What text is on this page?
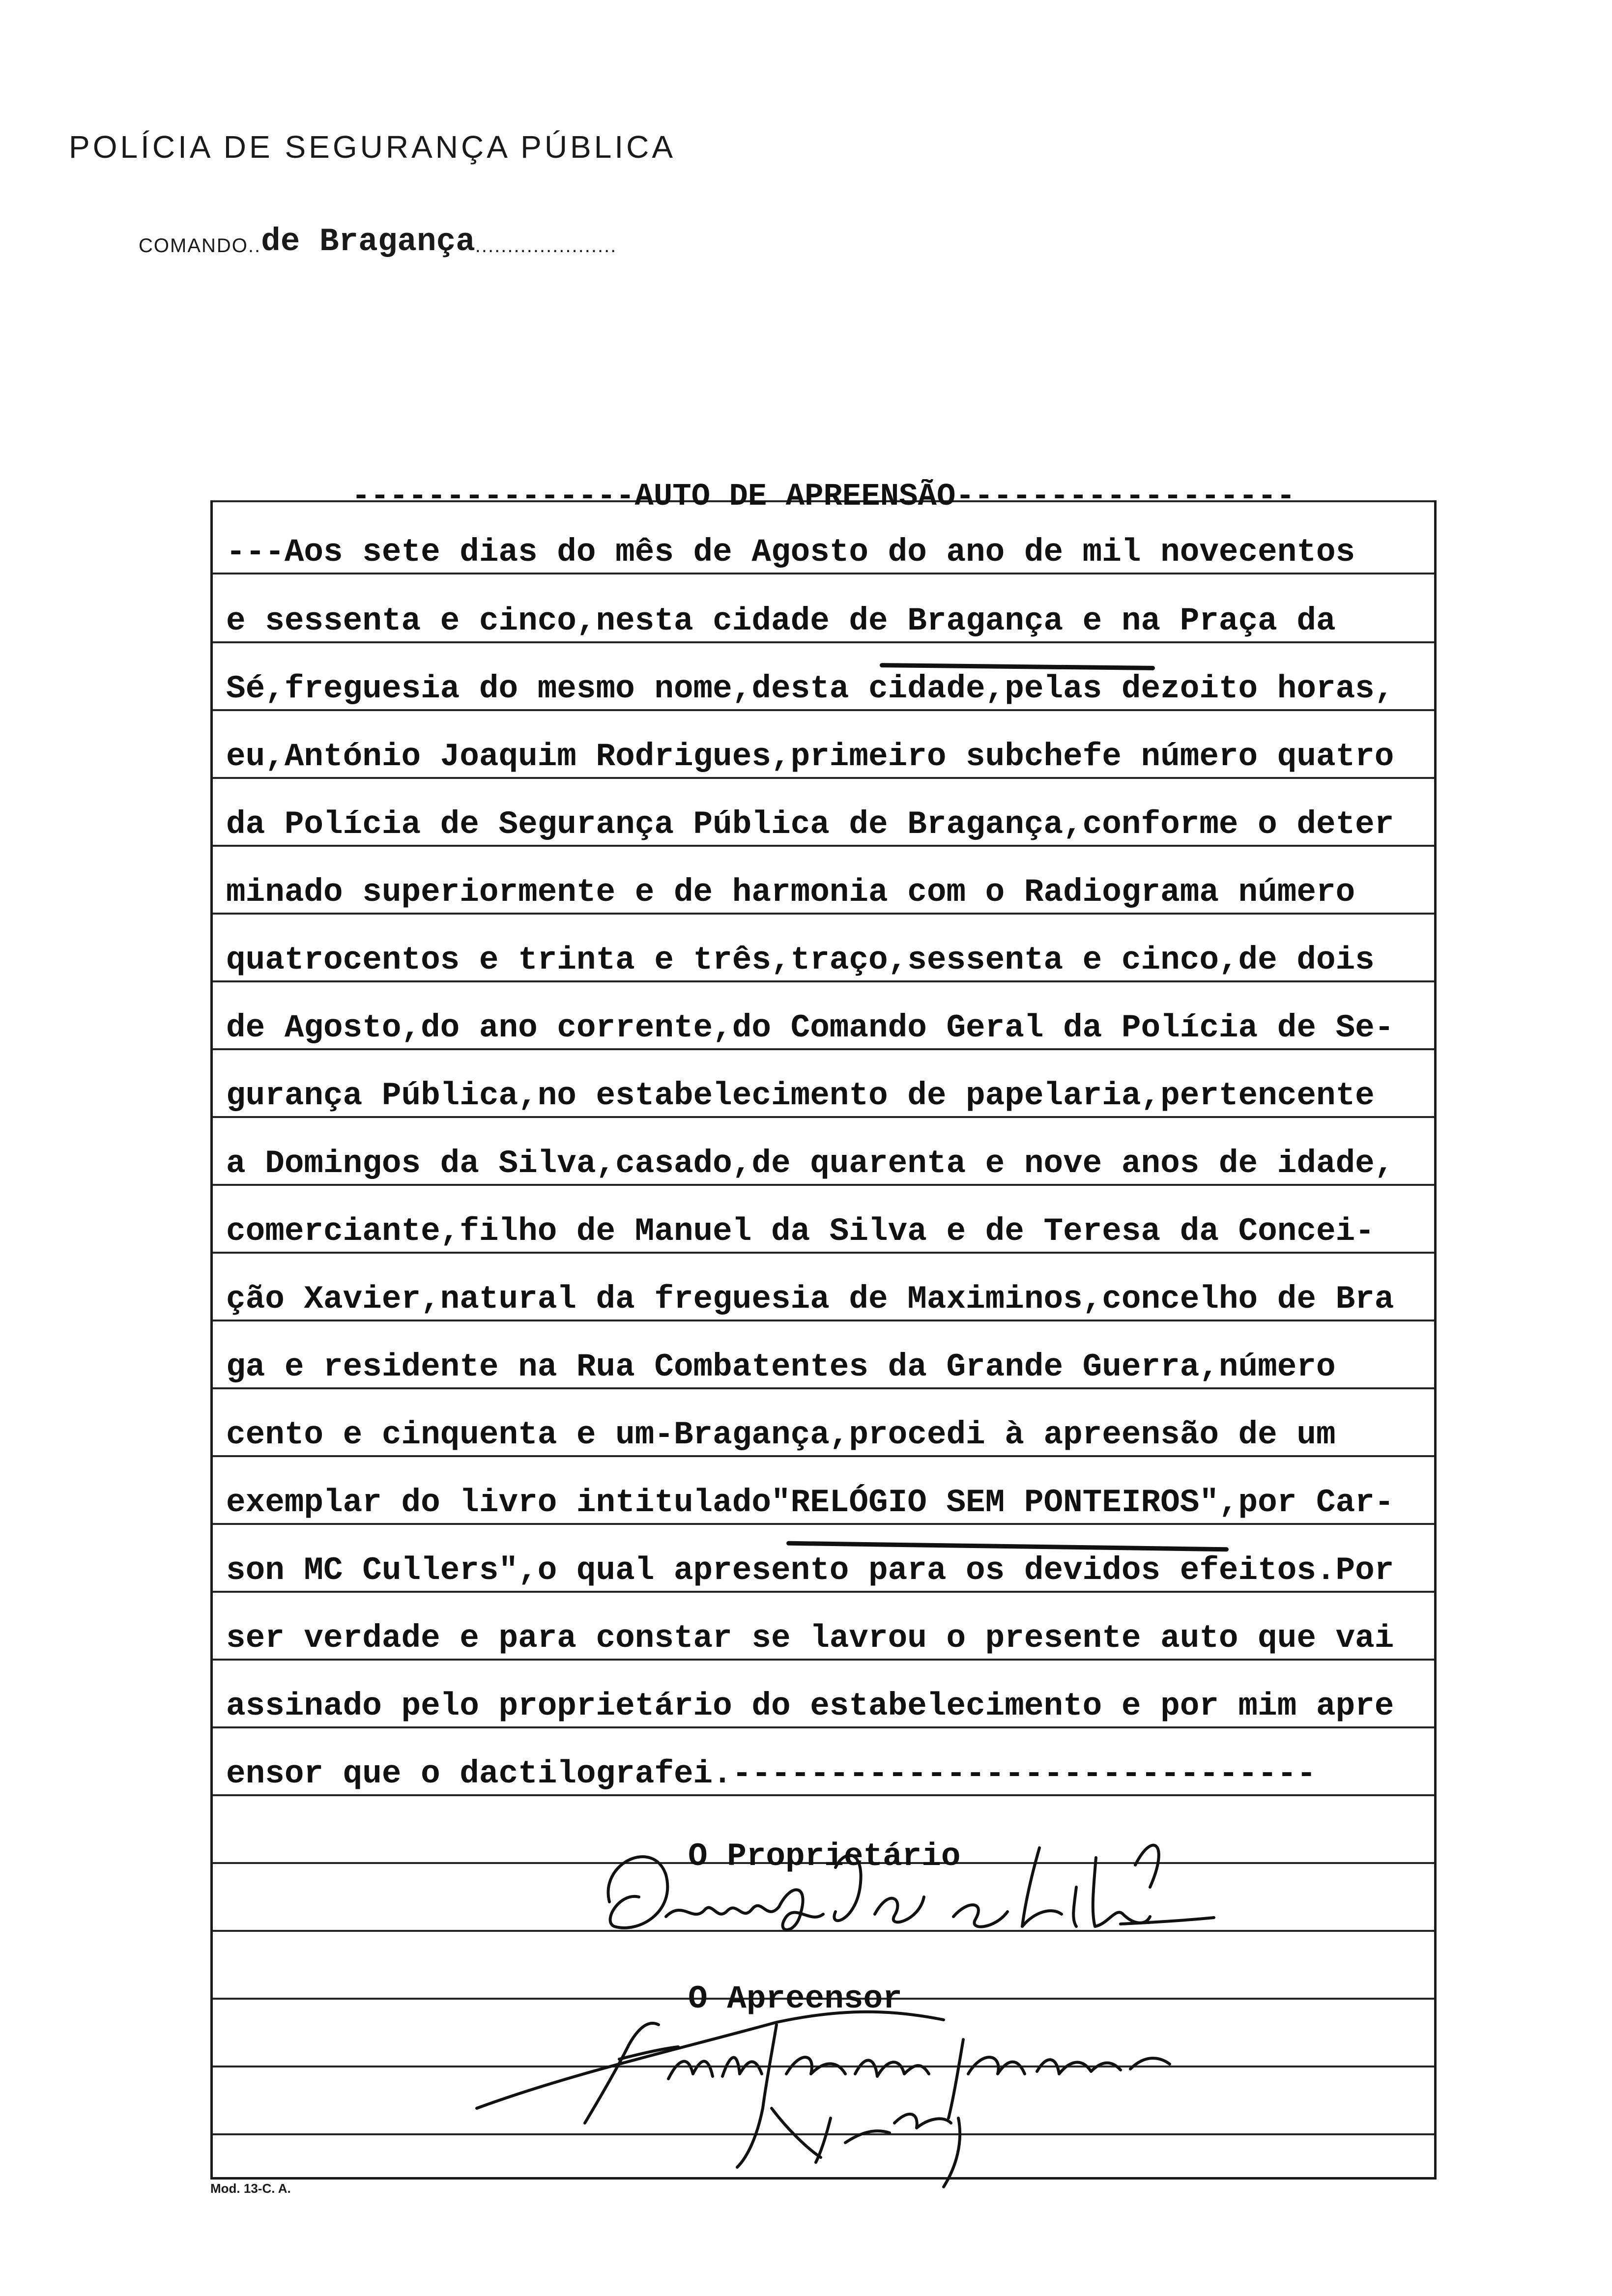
POLÍCIA DE SEGURANÇA PÚBLICA
COMANDO..de Bragança......................
---------------AUTO DE APREENSÃO------------------
---Aos sete dias do mês de Agosto do ano de mil novecentos
e sessenta e cinco,nesta cidade de Bragança e na Praça da
Sé,freguesia do mesmo nome,desta cidade,pelas dezoito horas,
eu,António Joaquim Rodrigues,primeiro subchefe número quatro
da Polícia de Segurança Pública de Bragança,conforme o deter
minado superiormente e de harmonia com o Radiograma número
quatrocentos e trinta e três,traço,sessenta e cinco,de dois
de Agosto,do ano corrente,do Comando Geral da Polícia de Se-
gurança Pública,no estabelecimento de papelaria,pertencente
a Domingos da Silva,casado,de quarenta e nove anos de idade,
comerciante,filho de Manuel da Silva e de Teresa da Concei-
ção Xavier,natural da freguesia de Maximinos,concelho de Bra
ga e residente na Rua Combatentes da Grande Guerra,número
cento e cinquenta e um-Bragança,procedi à apreensão de um
exemplar do livro intitulado"RELÓGIO SEM PONTEIROS",por Car-
son MC Cullers",o qual apresento para os devidos efeitos.Por
ser verdade e para constar se lavrou o presente auto que vai
assinado pelo proprietário do estabelecimento e por mim apre
ensor que o dactilografei.------------------------------
O Proprietário
O Apreensor
Mod. 13-C. A.
